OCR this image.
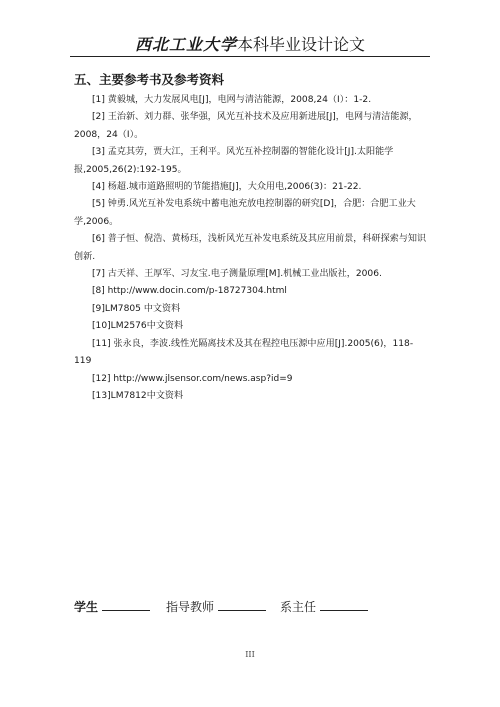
西北工业大学本科毕业设计论文
五、主要参考书及参考资料
[1] 黄毅城，大力发展风电[J]，电网与清洁能源，2008,24（Ⅰ）：1-2.
[2] 王治新、刘力群、张华强，风光互补技术及应用新进展[J]，电网与清洁能源，2008，24（Ⅰ）。
[3] 孟克其劳，贾大江，王利平。风光互补控制器的智能化设计[J].太阳能学报,2005,26(2):192-195。
[4] 杨超.城市道路照明的节能措施[J]，大众用电,2006(3)：21-22.
[5] 钟勇.风光互补发电系统中蓄电池充放电控制器的研究[D]，合肥：合肥工业大学,2006。
[6] 普子恒、倪浩、黄杨珏，浅析风光互补发电系统及其应用前景，科研探索与知识创新.
[7] 古天祥、王厚军、习友宝.电子测量原理[M].机械工业出版社，2006.
[8] http://www.docin.com/p-18727304.html
[9]LM7805 中文资料
[10]LM2576中文资料
[11] 张永良，李波.线性光隔离技术及其在程控电压源中应用[J].2005(6)，118-119
[12] http://www.jlsensor.com/news.asp?id=9
[13]LM7812中文资料
学生	指导教师	系主任
III
